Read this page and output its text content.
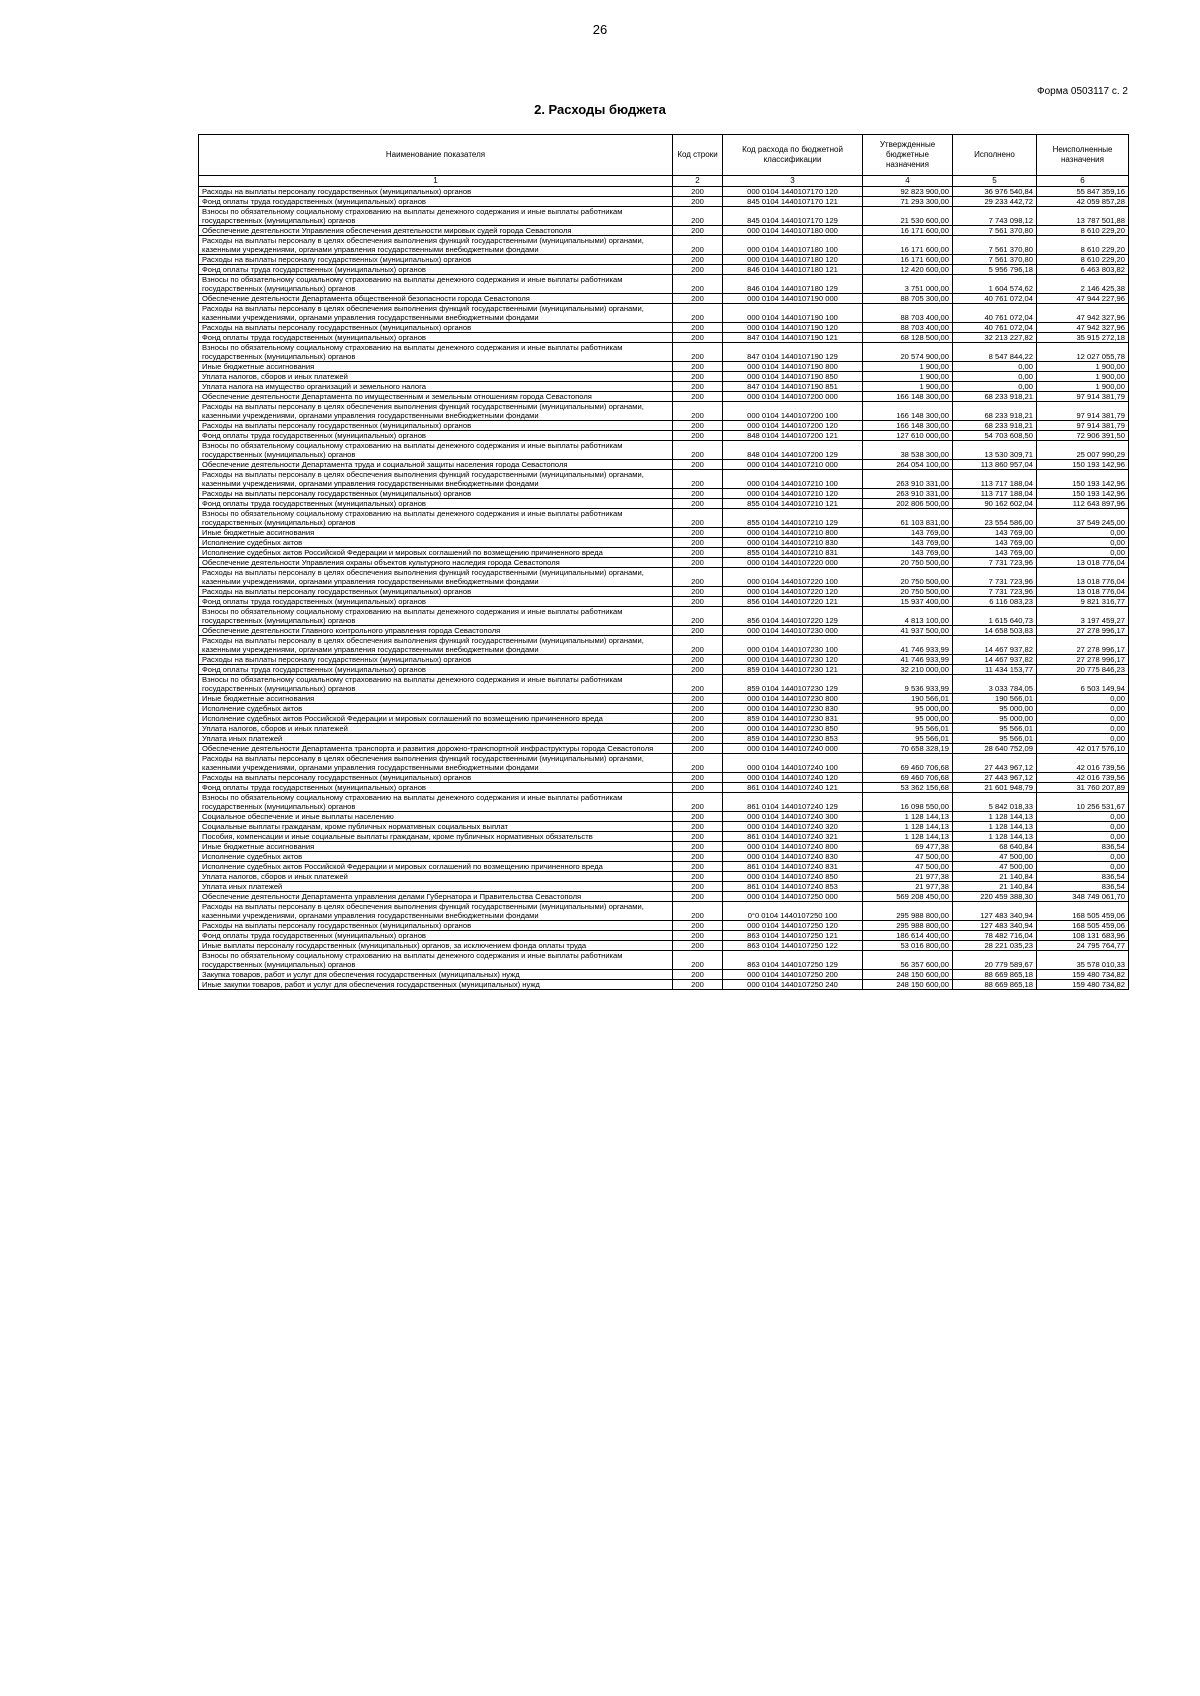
26
Форма 0503117 с. 2
2. Расходы бюджета
Наименование показателя	Код строки	Код расхода по бюджетной классификации	Утвержденные бюджетные назначения	Исполнено	Неисполненные назначения
1	2	3	4	5	6
Расходы на выплаты персоналу государственных (муниципальных) органов	200	000 0104 1440107170 120	92 823 900,00	36 976 540,84	55 847 359,16
Фонд оплаты труда государственных (муниципальных) органов	200	845 0104 1440107170 121	71 293 300,00	29 233 442,72	42 059 857,28
Взносы по обязательному социальному страхованию на выплаты денежного содержания и иные выплаты работникам государственных (муниципальных) органов	200	845 0104 1440107170 129	21 530 600,00	7 743 098,12	13 787 501,88
Обеспечение деятельности Управления обеспечения деятельности мировых судей города Севастополя	200	000 0104 1440107180 000	16 171 600,00	7 561 370,80	8 610 229,20
Расходы на выплаты персоналу в целях обеспечения выполнения функций государственными (муниципальными) органами, казенными учреждениями, органами управления государственными внебюджетными фондами	200	000 0104 1440107180 100	16 171 600,00	7 561 370,80	8 610 229,20
Расходы на выплаты персоналу государственных (муниципальных) органов	200	000 0104 1440107180 120	16 171 600,00	7 561 370,80	8 610 229,20
Фонд оплаты труда государственных (муниципальных) органов	200	846 0104 1440107180 121	12 420 600,00	5 956 796,18	6 463 803,82
Взносы по обязательному социальному страхованию на выплаты денежного содержания и иные выплаты работникам государственных (муниципальных) органов	200	846 0104 1440107180 129	3 751 000,00	1 604 574,62	2 146 425,38
Обеспечение деятельности Департамента общественной безопасности города Севастополя	200	000 0104 1440107190 000	88 705 300,00	40 761 072,04	47 944 227,96
Расходы на выплаты персоналу в целях обеспечения выполнения функций государственными (муниципальными) органами, казенными учреждениями, органами управления государственными внебюджетными фондами	200	000 0104 1440107190 100	88 703 400,00	40 761 072,04	47 942 327,96
Расходы на выплаты персоналу государственных (муниципальных) органов	200	000 0104 1440107190 120	88 703 400,00	40 761 072,04	47 942 327,96
Фонд оплаты труда государственных (муниципальных) органов	200	847 0104 1440107190 121	68 128 500,00	32 213 227,82	35 915 272,18
Взносы по обязательному социальному страхованию на выплаты денежного содержания и иные выплаты работникам государственных (муниципальных) органов	200	847 0104 1440107190 129	20 574 900,00	8 547 844,22	12 027 055,78
Иные бюджетные ассигнования	200	000 0104 1440107190 800	1 900,00	0,00	1 900,00
Уплата налогов, сборов и иных платежей	200	000 0104 1440107190 850	1 900,00	0,00	1 900,00
Уплата налога на имущество организаций и земельного налога	200	847 0104 1440107190 851	1 900,00	0,00	1 900,00
Обеспечение деятельности Департамента по имущественным и земельным отношениям города Севастополя	200	000 0104 1440107200 000	166 148 300,00	68 233 918,21	97 914 381,79
Расходы на выплаты персоналу в целях обеспечения выполнения функций государственными (муниципальными) органами, казенными учреждениями, органами управления государственными внебюджетными фондами	200	000 0104 1440107200 100	166 148 300,00	68 233 918,21	97 914 381,79
Расходы на выплаты персоналу государственных (муниципальных) органов	200	000 0104 1440107200 120	166 148 300,00	68 233 918,21	97 914 381,79
Фонд оплаты труда государственных (муниципальных) органов	200	848 0104 1440107200 121	127 610 000,00	54 703 608,50	72 906 391,50
Взносы по обязательному социальному страхованию на выплаты денежного содержания и иные выплаты работникам государственных (муниципальных) органов	200	848 0104 1440107200 129	38 538 300,00	13 530 309,71	25 007 990,29
Обеспечение деятельности Департамента труда и социальной защиты населения города Севастополя	200	000 0104 1440107210 000	264 054 100,00	113 860 957,04	150 193 142,96
Расходы на выплаты персоналу в целях обеспечения выполнения функций государственными (муниципальными) органами, казенными учреждениями, органами управления государственными внебюджетными фондами	200	000 0104 1440107210 100	263 910 331,00	113 717 188,04	150 193 142,96
Расходы на выплаты персоналу государственных (муниципальных) органов	200	000 0104 1440107210 120	263 910 331,00	113 717 188,04	150 193 142,96
Фонд оплаты труда государственных (муниципальных) органов	200	855 0104 1440107210 121	202 806 500,00	90 162 602,04	112 643 897,96
Взносы по обязательному социальному страхованию на выплаты денежного содержания и иные выплаты работникам государственных (муниципальных) органов	200	855 0104 1440107210 129	61 103 831,00	23 554 586,00	37 549 245,00
Иные бюджетные ассигнования	200	000 0104 1440107210 800	143 769,00	143 769,00	0,00
Исполнение судебных актов	200	000 0104 1440107210 830	143 769,00	143 769,00	0,00
Исполнение судебных актов Российской Федерации и мировых соглашений по возмещению причиненного вреда	200	855 0104 1440107210 831	143 769,00	143 769,00	0,00
Обеспечение деятельности Управления охраны объектов культурного наследия города Севастополя	200	000 0104 1440107220 000	20 750 500,00	7 731 723,96	13 018 776,04
Расходы на выплаты персоналу в целях обеспечения выполнения функций государственными (муниципальными) органами, казенными учреждениями, органами управления государственными внебюджетными фондами	200	000 0104 1440107220 100	20 750 500,00	7 731 723,96	13 018 776,04
Расходы на выплаты персоналу государственных (муниципальных) органов	200	000 0104 1440107220 120	20 750 500,00	7 731 723,96	13 018 776,04
Фонд оплаты труда государственных (муниципальных) органов	200	856 0104 1440107220 121	15 937 400,00	6 116 083,23	9 821 316,77
Взносы по обязательному социальному страхованию на выплаты денежного содержания и иные выплаты работникам государственных (муниципальных) органов	200	856 0104 1440107220 129	4 813 100,00	1 615 640,73	3 197 459,27
Обеспечение деятельности Главного контрольного управления города Севастополя	200	000 0104 1440107230 000	41 937 500,00	14 658 503,83	27 278 996,17
Расходы на выплаты персоналу в целях обеспечения выполнения функций государственными (муниципальными) органами, казенными учреждениями, органами управления государственными внебюджетными фондами	200	000 0104 1440107230 100	41 746 933,99	14 467 937,82	27 278 996,17
Расходы на выплаты персоналу государственных (муниципальных) органов	200	000 0104 1440107230 120	41 746 933,99	14 467 937,82	27 278 996,17
Фонд оплаты труда государственных (муниципальных) органов	200	859 0104 1440107230 121	32 210 000,00	11 434 153,77	20 775 846,23
Взносы по обязательному социальному страхованию на выплаты денежного содержания и иные выплаты работникам государственных (муниципальных) органов	200	859 0104 1440107230 129	9 536 933,99	3 033 784,05	6 503 149,94
Иные бюджетные ассигнования	200	000 0104 1440107230 800	190 566,01	190 566,01	0,00
Исполнение судебных актов	200	000 0104 1440107230 830	95 000,00	95 000,00	0,00
Исполнение судебных актов Российской Федерации и мировых соглашений по возмещению причиненного вреда	200	859 0104 1440107230 831	95 000,00	95 000,00	0,00
Уплата налогов, сборов и иных платежей	200	000 0104 1440107230 850	95 566,01	95 566,01	0,00
Уплата иных платежей	200	859 0104 1440107230 853	95 566,01	95 566,01	0,00
Обеспечение деятельности Департамента транспорта и развития дорожно-транспортной инфраструктуры города Севастополя	200	000 0104 1440107240 000	70 658 328,19	28 640 752,09	42 017 576,10
Расходы на выплаты персоналу в целях обеспечения выполнения функций государственными (муниципальными) органами, казенными учреждениями, органами управления государственными внебюджетными фондами	200	000 0104 1440107240 100	69 460 706,68	27 443 967,12	42 016 739,56
Расходы на выплаты персоналу государственных (муниципальных) органов	200	000 0104 1440107240 120	69 460 706,68	27 443 967,12	42 016 739,56
Фонд оплаты труда государственных (муниципальных) органов	200	861 0104 1440107240 121	53 362 156,68	21 601 948,79	31 760 207,89
Взносы по обязательному социальному страхованию на выплаты денежного содержания и иные выплаты работникам государственных (муниципальных) органов	200	861 0104 1440107240 129	16 098 550,00	5 842 018,33	10 256 531,67
Социальное обеспечение и иные выплаты населению	200	000 0104 1440107240 300	1 128 144,13	1 128 144,13	0,00
Социальные выплаты гражданам, кроме публичных нормативных социальных выплат	200	000 0104 1440107240 320	1 128 144,13	1 128 144,13	0,00
Пособия, компенсации и иные социальные выплаты гражданам, кроме публичных нормативных обязательств	200	861 0104 1440107240 321	1 128 144,13	1 128 144,13	0,00
Иные бюджетные ассигнования	200	000 0104 1440107240 800	69 477,38	68 640,84	836,54
Исполнение судебных актов	200	000 0104 1440107240 830	47 500,00	47 500,00	0,00
Исполнение судебных актов Российской Федерации и мировых соглашений по возмещению причиненного вреда	200	861 0104 1440107240 831	47 500,00	47 500,00	0,00
Уплата налогов, сборов и иных платежей	200	000 0104 1440107240 850	21 977,38	21 140,84	836,54
Уплата иных платежей	200	861 0104 1440107240 853	21 977,38	21 140,84	836,54
Обеспечение деятельности Департамента управления делами Губернатора и Правительства Севастополя	200	000 0104 1440107250 000	569 208 450,00	220 459 388,30	348 749 061,70
Расходы на выплаты персоналу в целях обеспечения выполнения функций государственными (муниципальными) органами, казенными учреждениями, органами управления государственными внебюджетными фондами	200	0°0 0104 1440107250 100	295 988 800,00	127 483 340,94	168 505 459,06
Расходы на выплаты персоналу государственных (муниципальных) органов	200	000 0104 1440107250 120	295 988 800,00	127 483 340,94	168 505 459,06
Фонд оплаты труда государственных (муниципальных) органов	200	863 0104 1440107250 121	186 614 400,00	78 482 716,04	108 131 683,96
Иные выплаты персоналу государственных (муниципальных) органов, за исключением фонда оплаты труда	200	863 0104 1440107250 122	53 016 800,00	28 221 035,23	24 795 764,77
Взносы по обязательному социальному страхованию на выплаты денежного содержания и иные выплаты работникам государственных (муниципальных) органов	200	863 0104 1440107250 129	56 357 600,00	20 779 589,67	35 578 010,33
Закупка товаров, работ и услуг для обеспечения государственных (муниципальных) нужд	200	000 0104 1440107250 200	248 150 600,00	88 669 865,18	159 480 734,82
Иные закупки товаров, работ и услуг для обеспечения государственных (муниципальных) нужд	200	000 0104 1440107250 240	248 150 600,00	88 669 865,18	159 480 734,82
